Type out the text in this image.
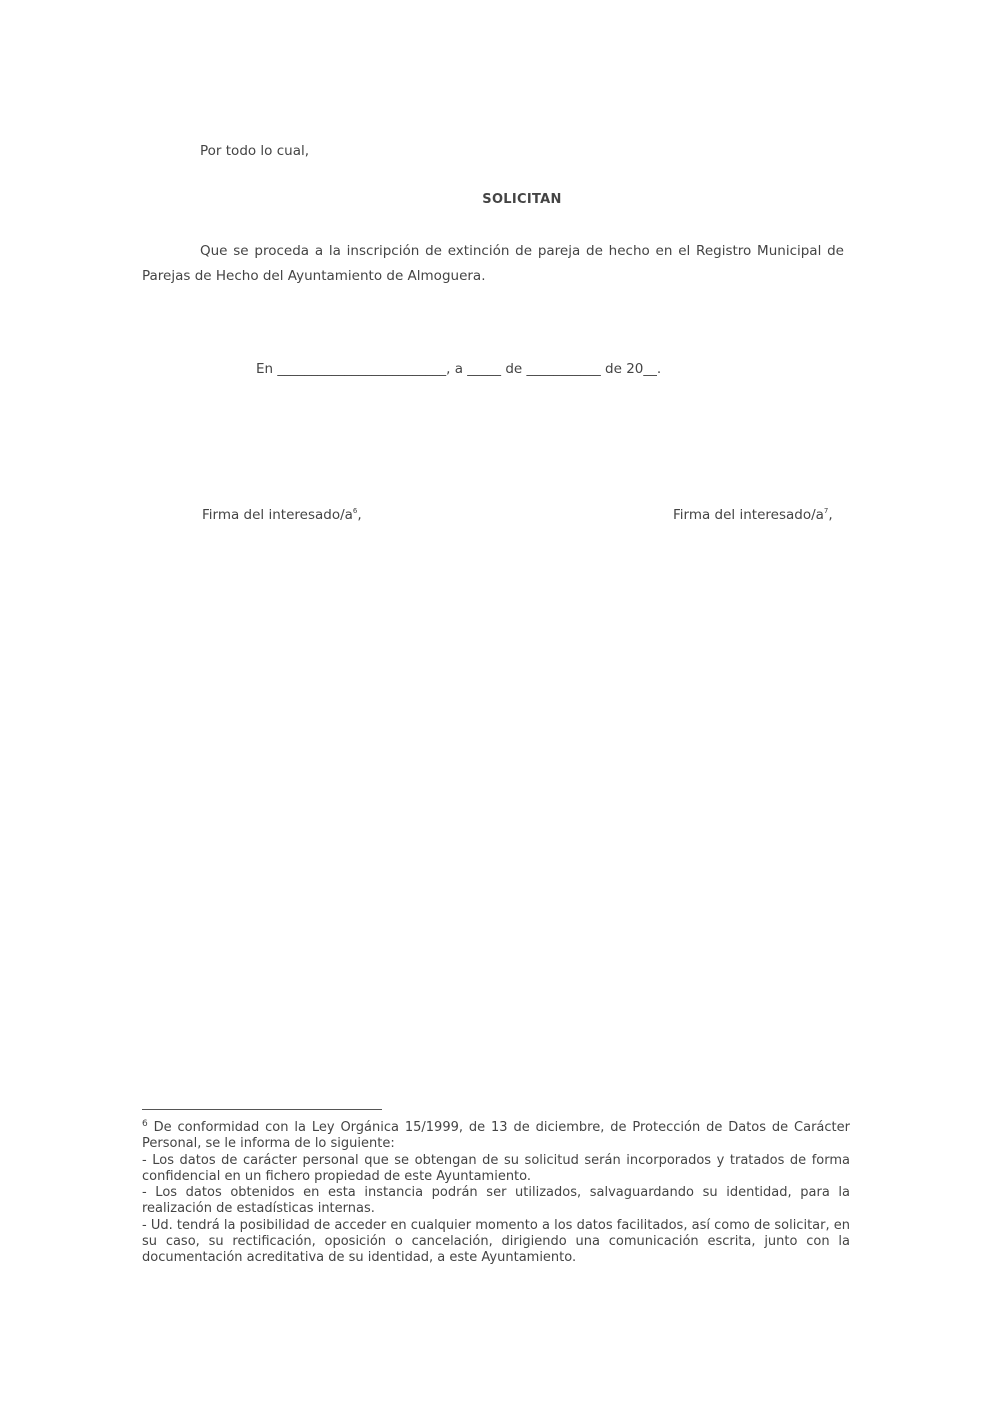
Por todo lo cual,
SOLICITAN
Que se proceda a la inscripción de extinción de pareja de hecho en el Registro Municipal de Parejas de Hecho del Ayuntamiento de Almoguera.
En _________________________, a _____ de ___________ de 20__.
Firma del interesado/a$^6$,	Firma del interesado/a$^7$,

$^6$ De conformidad con la Ley Orgánica 15/1999, de 13 de diciembre, de Protección de Datos de Carácter Personal, se le informa de lo siguiente:

- Los datos de carácter personal que se obtengan de su solicitud serán incorporados y tratados de forma confidencial en un fichero propiedad de este Ayuntamiento.

- Los datos obtenidos en esta instancia podrán ser utilizados, salvaguardando su identidad, para la realización de estadísticas internas.

- Ud. tendrá la posibilidad de acceder en cualquier momento a los datos facilitados, así como de solicitar, en su caso, su rectificación, oposición o cancelación, dirigiendo una comunicación escrita, junto con la documentación acreditativa de su identidad, a este Ayuntamiento.
